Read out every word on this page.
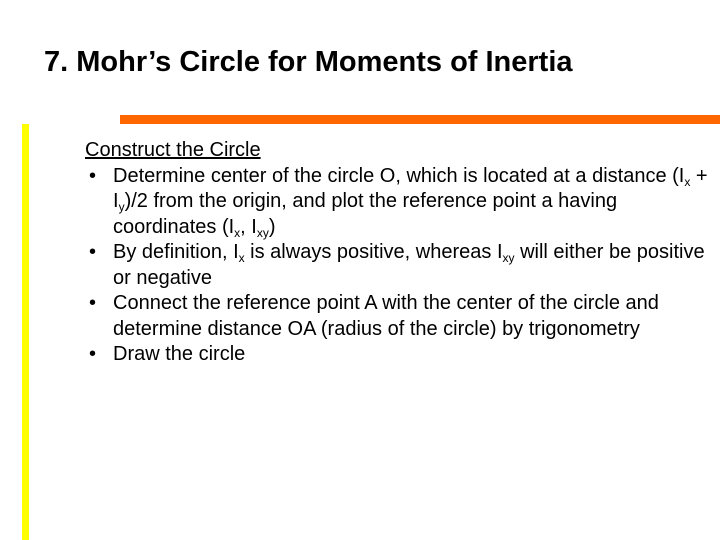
7. Mohr’s Circle for Moments of Inertia
Construct the Circle
• Determine center of the circle O, which is located at a distance $(I_x + I_y)/2$ from the origin, and plot the reference point a having coordinates ($I_x$, $I_{xy}$)
• By definition, $I_x$ is always positive, whereas $I_{xy}$ will either be positive or negative
• Connect the reference point A with the center of the circle and determine distance OA (radius of the circle) by trigonometry
• Draw the circle
